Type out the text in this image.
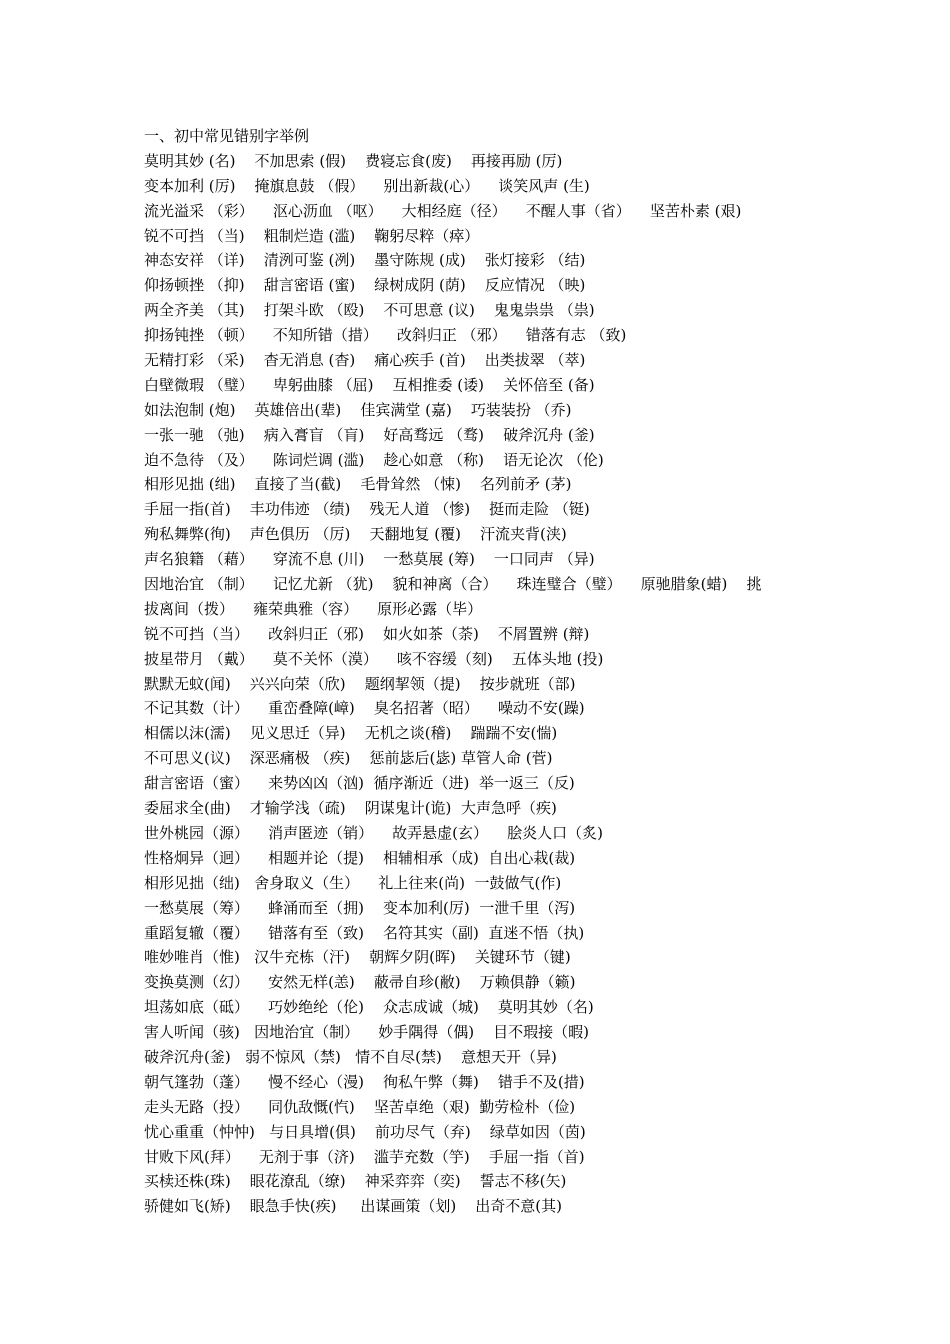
一、初中常见错别字举例
莫明其妙 (名)    不加思索 (假)    费寝忘食(废)    再接再励 (厉)
变本加利 (厉)    掩旗息鼓 （假）    别出新裁(心）    谈笑风声 (生)
流光溢采 （彩）    沤心沥血 （呕）    大相经庭（径）    不醒人事（省）    坚苦朴素 (艰)
锐不可挡 （当)    粗制烂造 (滥)    鞠躬尽粹（瘁）
神态安祥 （详)    清洌可鉴 (冽)    墨守陈规 (成)    张灯接彩 （结)
仰扬顿挫 （抑)    甜言密语 (蜜)    绿树成阴 (荫)    反应情况 （映)
两全齐美 （其)    打架斗欧 （殴)    不可思意 (议)    鬼鬼祟祟 （祟)
抑扬钝挫 （顿）    不知所错（措）    改斜归正 （邪）    错落有志 （致)
无精打彩 （采)    杳无消息 (杳)    痛心疾手 (首)    出类拔翠 （萃)
白壁微瑕 （璧）    卑躬曲膝 （屈)    互相推委 (诿)    关怀倍至 (备)
如法泡制 (炮)    英雄倍出(辈)    佳宾满堂 (嘉)    巧装装扮 （乔)
一张一驰 （弛)    病入膏盲 （肓)    好高骛远 （骛)    破斧沉舟 (釜)
迫不急待 （及）    陈词烂调 (滥)    趁心如意 （称)    语无论次 （伦)
相形见拙 (绌)    直接了当(截)    毛骨耸然 （悚)    名列前矛 (茅)
手屈一指(首)    丰功伟迹 （绩)    残无人道 （惨)    挺而走险 （铤)
殉私舞弊(徇)    声色俱历 （厉)    天翻地复 (覆)    汗流夹背(浃)
声名狼籍 （藉）    穿流不息 (川)    一愁莫展 (筹)    一口同声 （异)
因地治宜 （制）    记忆尤新 （犹)    貌和神离（合）    珠连璧合（璧）    原驰腊象(蜡)    挑
拔离间（拨）    雍荣典雅（容）    原形必露（毕）
锐不可挡（当）    改斜归正（邪)    如火如茶（荼)    不屑置辨 (辩)
披星带月 （戴）    莫不关怀（漠）    咳不容缓（刻)    五体头地 (投)
默默无蚊(闻)    兴兴向荣（欣)    题纲挈领（提)    按步就班（部)
不记其数（计）    重峦叠障(嶂)    臭名招著（昭）    噪动不安(躁)
相儒以沫(濡)    见义思迁（异)    无机之谈(稽)    踹踹不安(惴)
不可思义(议)    深恶痛极 （疾)    惩前毖后(毖) 草管人命 (菅)
甜言密语（蜜）    来势凶凶（汹)  循序渐近（进)  举一返三（反)
委屈求全(曲)    才输学浅（疏)    阴谋鬼计(诡)  大声急呼（疾)
世外桃园（源）    消声匿迹（销）    故弄悬虚(玄）    脍炎人口（炙)
性格炯异（迥）    相题并论（提)    相辅相承（成)  自出心栽(裁)
相形见拙（绌)   舍身取义（生）    礼上往来(尚)  一鼓做气(作)
一愁莫展（筹）    蜂涌而至（拥)    变本加利(厉)  一泄千里（泻)
重蹈复辙（覆）    错落有至（致)    名符其实（副)  直迷不悟（执)
唯妙唯肖（惟)   汉牛充栋（汗)    朝辉夕阴(晖)    关键环节（键)
变换莫测（幻）    安然无样(恙)    蔽帚自珍(敝)    万赖俱静（籁)
坦荡如底（砥）    巧妙绝纶（伦)    众志成诚（城)    莫明其妙（名)
害人听闻（骇)   因地治宜（制）    妙手隅得（偶)    目不瑕接（暇)
破斧沉舟(釜)   弱不惊风（禁)   情不自尽(禁)    意想天开（异)
朝气篷勃（蓬）    慢不经心（漫)    徇私午弊（舞)    错手不及(措)
走头无路（投）    同仇敌慨(忾)    坚苦卓绝（艰)  勤劳检朴（俭)
忧心重重（忡忡)   与日具增(俱)    前功尽气（弃)    绿草如因（茵)
甘败下风(拜）    无剂于事（济)    滥芋充数（竽)    手屈一指（首)
买椟还株(珠)    眼花潦乱（缭)    神采弈弈（奕)    誓志不移(矢)
骄健如飞(矫)    眼急手快(疾)     出谋画策（划)    出奇不意(其)
